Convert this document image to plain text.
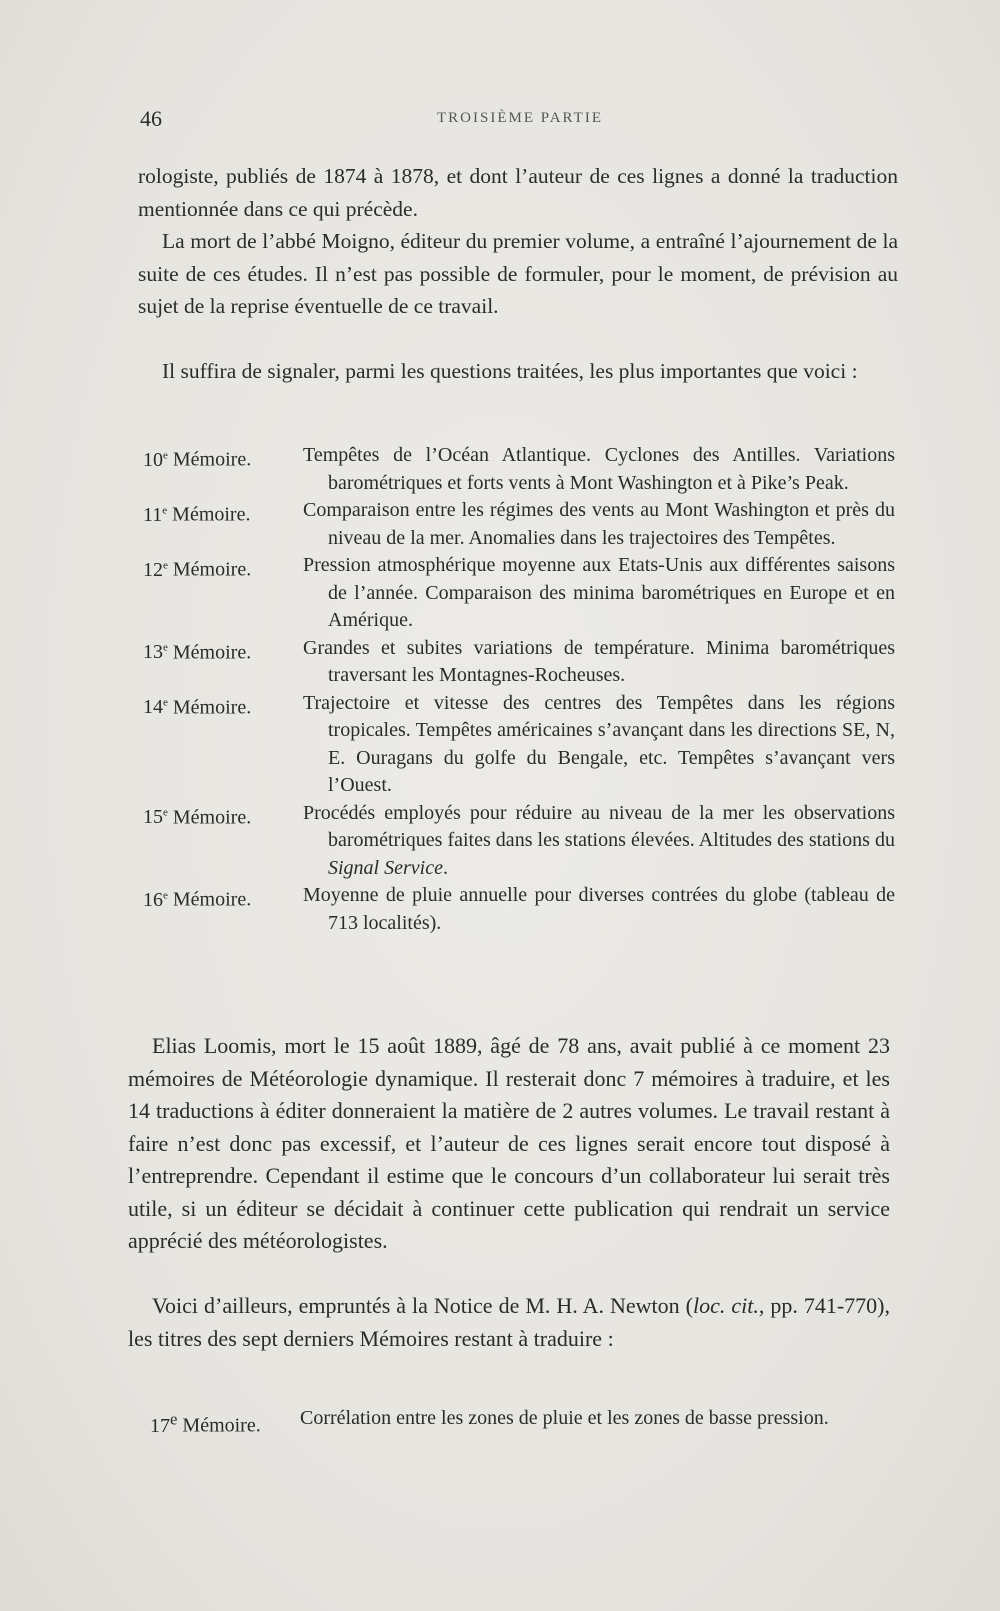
46	TROISIÈME PARTIE

rologiste, publiés de 1874 à 1878, et dont l’auteur de ces lignes a donné la traduction mentionnée dans ce qui précède.

La mort de l’abbé Moigno, éditeur du premier volume, a entraîné l’ajournement de la suite de ces études. Il n’est pas possible de formuler, pour le moment, de prévision au sujet de la reprise éventuelle de ce travail.

Il suffira de signaler, parmi les questions traitées, les plus importantes que voici :

10e Mémoire.	Tempêtes de l’Océan Atlantique. Cyclones des Antilles. Variations barométriques et forts vents à Mont Washington et à Pike’s Peak.
11e Mémoire.	Comparaison entre les régimes des vents au Mont Washington et près du niveau de la mer. Anomalies dans les trajectoires des Tempêtes.
12e Mémoire.	Pression atmosphérique moyenne aux Etats-Unis aux différentes saisons de l’année. Comparaison des minima barométriques en Europe et en Amérique.
13e Mémoire.	Grandes et subites variations de température. Minima barométriques traversant les Montagnes-Rocheuses.
14e Mémoire.	Trajectoire et vitesse des centres des Tempêtes dans les régions tropicales. Tempêtes américaines s’avançant dans les directions SE, N, E. Ouragans du golfe du Bengale, etc. Tempêtes s’avançant vers l’Ouest.
15e Mémoire.	Procédés employés pour réduire au niveau de la mer les observations barométriques faites dans les stations élevées. Altitudes des stations du Signal Service.
16e Mémoire.	Moyenne de pluie annuelle pour diverses contrées du globe (tableau de 713 localités).

Elias Loomis, mort le 15 août 1889, âgé de 78 ans, avait publié à ce moment 23 mémoires de Météorologie dynamique. Il resterait donc 7 mémoires à traduire, et les 14 traductions à éditer donneraient la matière de 2 autres volumes. Le travail restant à faire n’est donc pas excessif, et l’auteur de ces lignes serait encore tout disposé à l’entreprendre. Cependant il estime que le concours d’un collaborateur lui serait très utile, si un éditeur se décidait à continuer cette publication qui rendrait un service apprécié des météorologistes.

Voici d’ailleurs, empruntés à la Notice de M. H. A. Newton (loc. cit., pp. 741-770), les titres des sept derniers Mémoires restant à traduire :

17e Mémoire.	Corrélation entre les zones de pluie et les zones de basse pression.
